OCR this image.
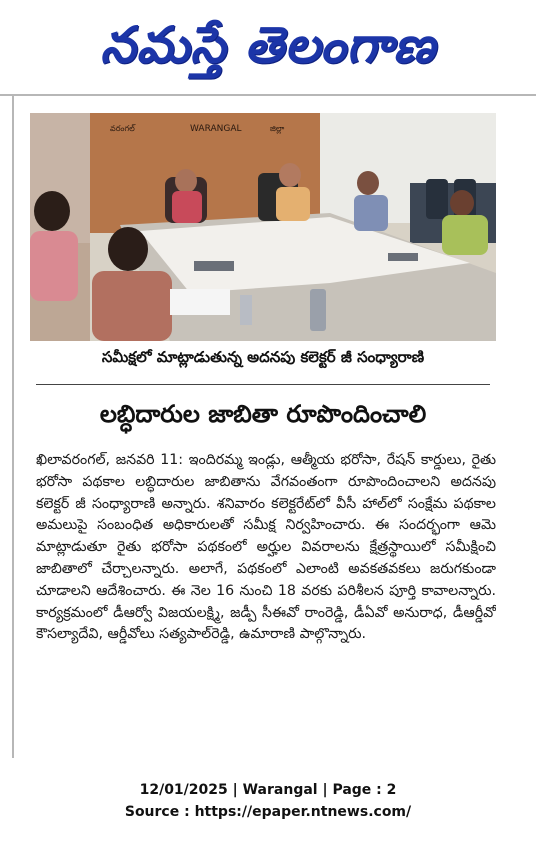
నమస్తే తెలంగాణ
WARANGAL
వరంగల్	జిల్లా
సమీక్షలో మాట్లాడుతున్న అదనపు కలెక్టర్ జీ సంధ్యారాణి
లబ్ధిదారుల జాబితా రూపొందించాలి
ఖిలావరంగల్, జనవరి 11: ఇందిరమ్మ ఇండ్లు, ఆత్మీయ భరోసా, రేషన్ కార్డులు, రైతు భరోసా పథకాల లబ్ధిదారుల జాబితాను వేగవంతంగా రూపొందించాలని అదనపు కలెక్టర్ జీ సంధ్యారాణి అన్నారు. శనివారం కలెక్టరేట్‌లో వీసీ హాల్‌లో సంక్షేమ పథకాల అమలుపై సంబంధిత అధికారులతో సమీక్ష నిర్వహించారు. ఈ సందర్భంగా ఆమె మాట్లాడుతూ రైతు భరోసా పథకంలో అర్హుల వివరాలను క్షేత్రస్థాయిలో సమీక్షించి జాబితాలో చేర్చాలన్నారు. అలాగే, పథకంలో ఎలాంటి అవకతవకలు జరుగకుండా చూడాలని ఆదేశించారు. ఈ నెల 16 నుంచి 18 వరకు పరిశీలన పూర్తి కావాలన్నారు. కార్యక్రమంలో డీఆర్వో విజయలక్ష్మి, జడ్పీ సీఈవో రాంరెడ్డి, డీఏవో అనురాధ, డీఆర్డీవో కౌసల్యాదేవి, ఆర్డీవోలు సత్యపాల్‌రెడ్డి, ఉమారాణి పాల్గొన్నారు.
12/01/2025 | Warangal | Page : 2
Source : https://epaper.ntnews.com/
